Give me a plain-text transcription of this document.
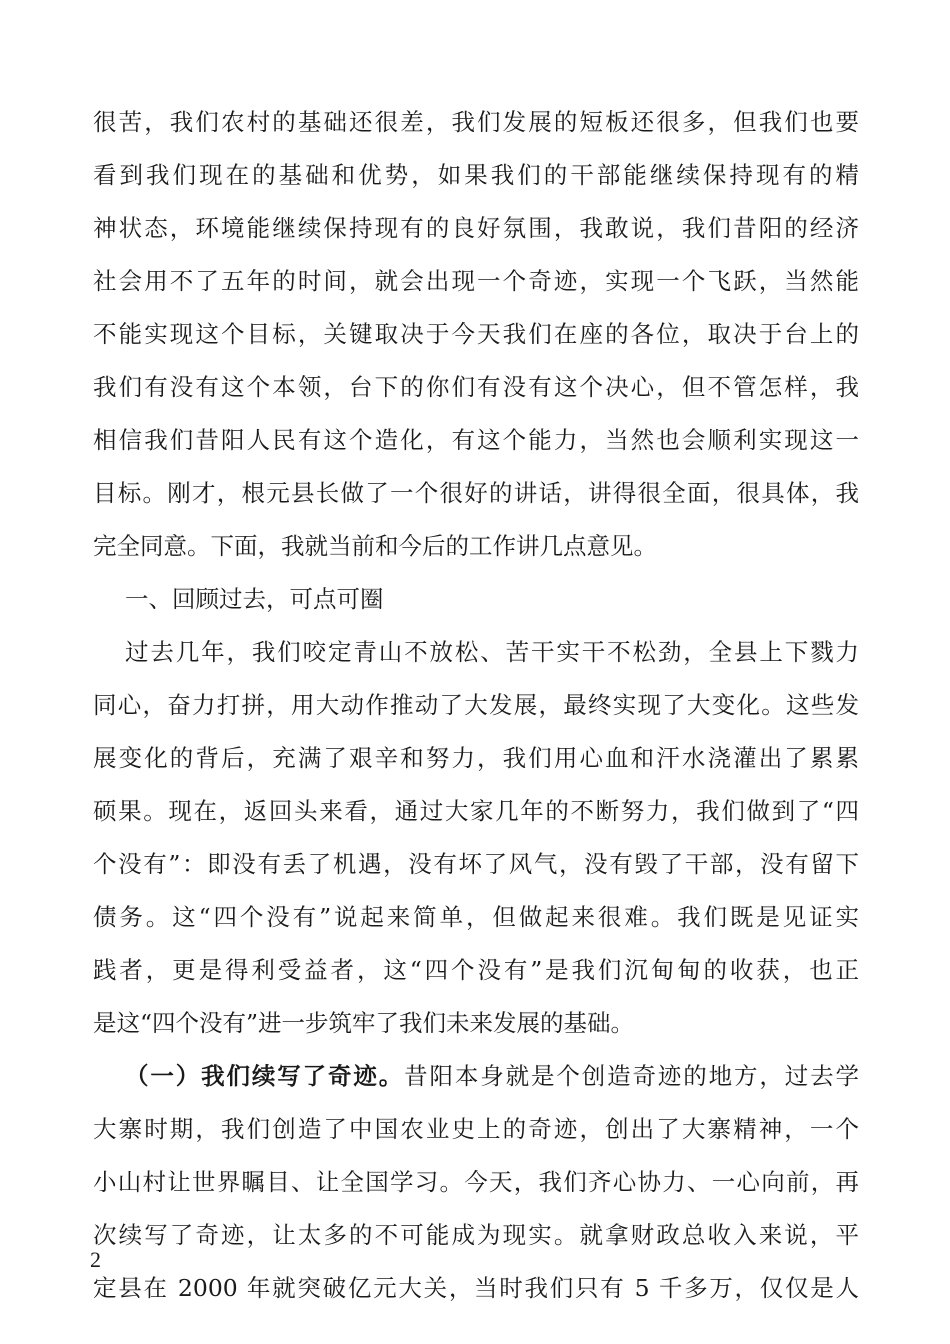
很苦，我们农村的基础还很差，我们发展的短板还很多，但我们也要
看到我们现在的基础和优势，如果我们的干部能继续保持现有的精
神状态，环境能继续保持现有的良好氛围，我敢说，我们昔阳的经济
社会用不了五年的时间，就会出现一个奇迹，实现一个飞跃，当然能
不能实现这个目标，关键取决于今天我们在座的各位，取决于台上的
我们有没有这个本领，台下的你们有没有这个决心，但不管怎样，我
相信我们昔阳人民有这个造化，有这个能力，当然也会顺利实现这一
目标。刚才，根元县长做了一个很好的讲话，讲得很全面，很具体，我
完全同意。下面，我就当前和今后的工作讲几点意见。
一、回顾过去，可点可圈
过去几年，我们咬定青山不放松、苦干实干不松劲，全县上下戮力
同心，奋力打拼，用大动作推动了大发展，最终实现了大变化。这些发
展变化的背后，充满了艰辛和努力，我们用心血和汗水浇灌出了累累
硕果。现在，返回头来看，通过大家几年的不断努力，我们做到了“四
个没有”：即没有丢了机遇，没有坏了风气，没有毁了干部，没有留下
债务。这“四个没有”说起来简单，但做起来很难。我们既是见证实
践者，更是得利受益者，这“四个没有”是我们沉甸甸的收获，也正
是这“四个没有”进一步筑牢了我们未来发展的基础。
（一）我们续写了奇迹。昔阳本身就是个创造奇迹的地方，过去学
大寨时期，我们创造了中国农业史上的奇迹，创出了大寨精神，一个
小山村让世界瞩目、让全国学习。今天，我们齐心协力、一心向前，再
次续写了奇迹，让太多的不可能成为现实。就拿财政总收入来说，平
定县在 2000 年就突破亿元大关，当时我们只有 5 千多万，仅仅是人
2
